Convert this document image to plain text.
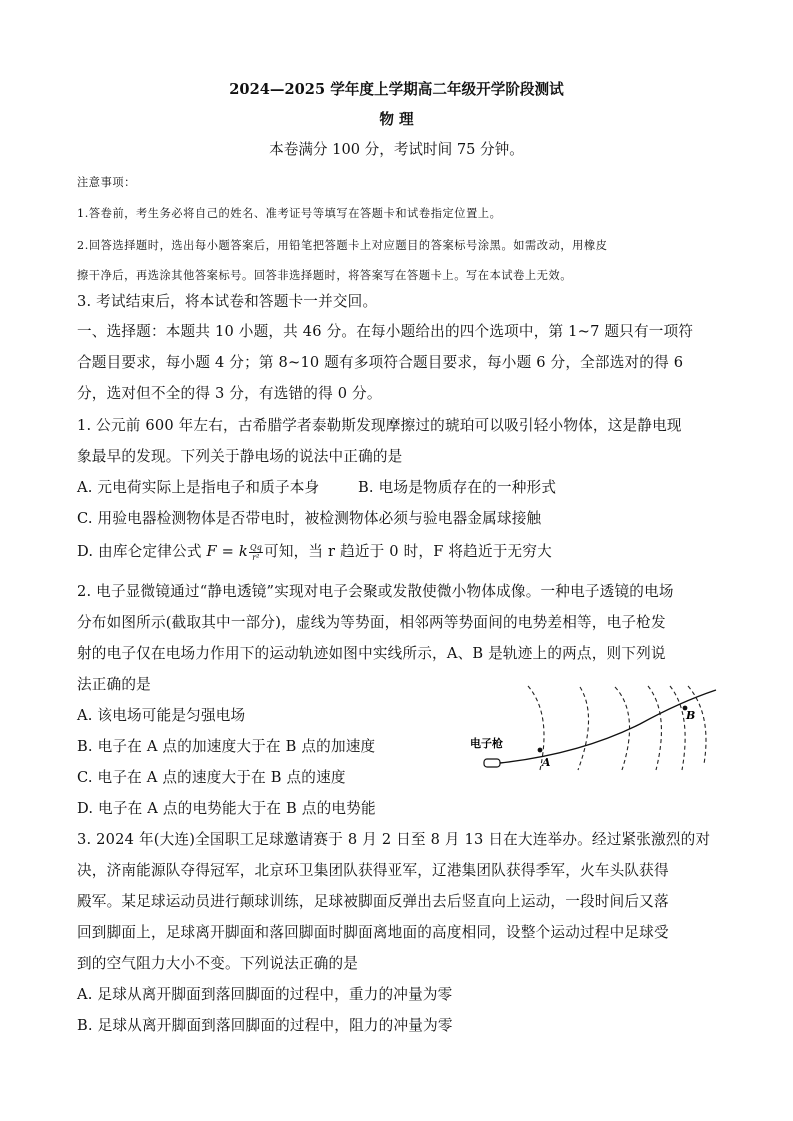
2024—2025 学年度上学期高二年级开学阶段测试
物 理
本卷满分 100 分，考试时间 75 分钟。
注意事项：
1.答卷前，考生务必将自己的姓名、准考证号等填写在答题卡和试卷指定位置上。
2.回答选择题时，选出每小题答案后，用铅笔把答题卡上对应题目的答案标号涂黑。如需改动，用橡皮
擦干净后，再选涂其他答案标号。回答非选择题时，将答案写在答题卡上。写在本试卷上无效。
3. 考试结束后，将本试卷和答题卡一并交回。
一、选择题：本题共 10 小题，共 46 分。在每小题给出的四个选项中，第 1~7 题只有一项符
合题目要求，每小题 4 分；第 8~10 题有多项符合题目要求，每小题 6 分，全部选对的得 6
分，选对但不全的得 3 分，有选错的得 0 分。
1. 公元前 600 年左右，古希腊学者泰勒斯发现摩擦过的琥珀可以吸引轻小物体，这是静电现
象最早的发现。下列关于静电场的说法中正确的是
A. 元电荷实际上是指电子和质子本身	B. 电场是物质存在的一种形式
C. 用验电器检测物体是否带电时，被检测物体必须与验电器金属球接触
D. 由库仑定律公式 F = k $\frac{Qq}{\text{r²}}$ 可知，当 r 趋近于 0 时，F 将趋近于无穷大
2. 电子显微镜通过“静电透镜”实现对电子会聚或发散使微小物体成像。一种电子透镜的电场
分布如图所示(截取其中一部分)，虚线为等势面，相邻两等势面间的电势差相等，电子枪发
射的电子仅在电场力作用下的运动轨迹如图中实线所示，A、B 是轨迹上的两点，则下列说
法正确的是
A. 该电场可能是匀强电场
B. 电子在 A 点的加速度大于在 B 点的加速度
C. 电子在 A 点的速度大于在 B 点的速度
D. 电子在 A 点的电势能大于在 B 点的电势能
电子枪
A
B
3. 2024 年(大连)全国职工足球邀请赛于 8 月 2 日至 8 月 13 日在大连举办。经过紧张激烈的对
决，济南能源队夺得冠军，北京环卫集团队获得亚军，辽港集团队获得季军，火车头队获得
殿军。某足球运动员进行颠球训练，足球被脚面反弹出去后竖直向上运动，一段时间后又落
回到脚面上，足球离开脚面和落回脚面时脚面离地面的高度相同，设整个运动过程中足球受
到的空气阻力大小不变。下列说法正确的是
A. 足球从离开脚面到落回脚面的过程中，重力的冲量为零
B. 足球从离开脚面到落回脚面的过程中，阻力的冲量为零
